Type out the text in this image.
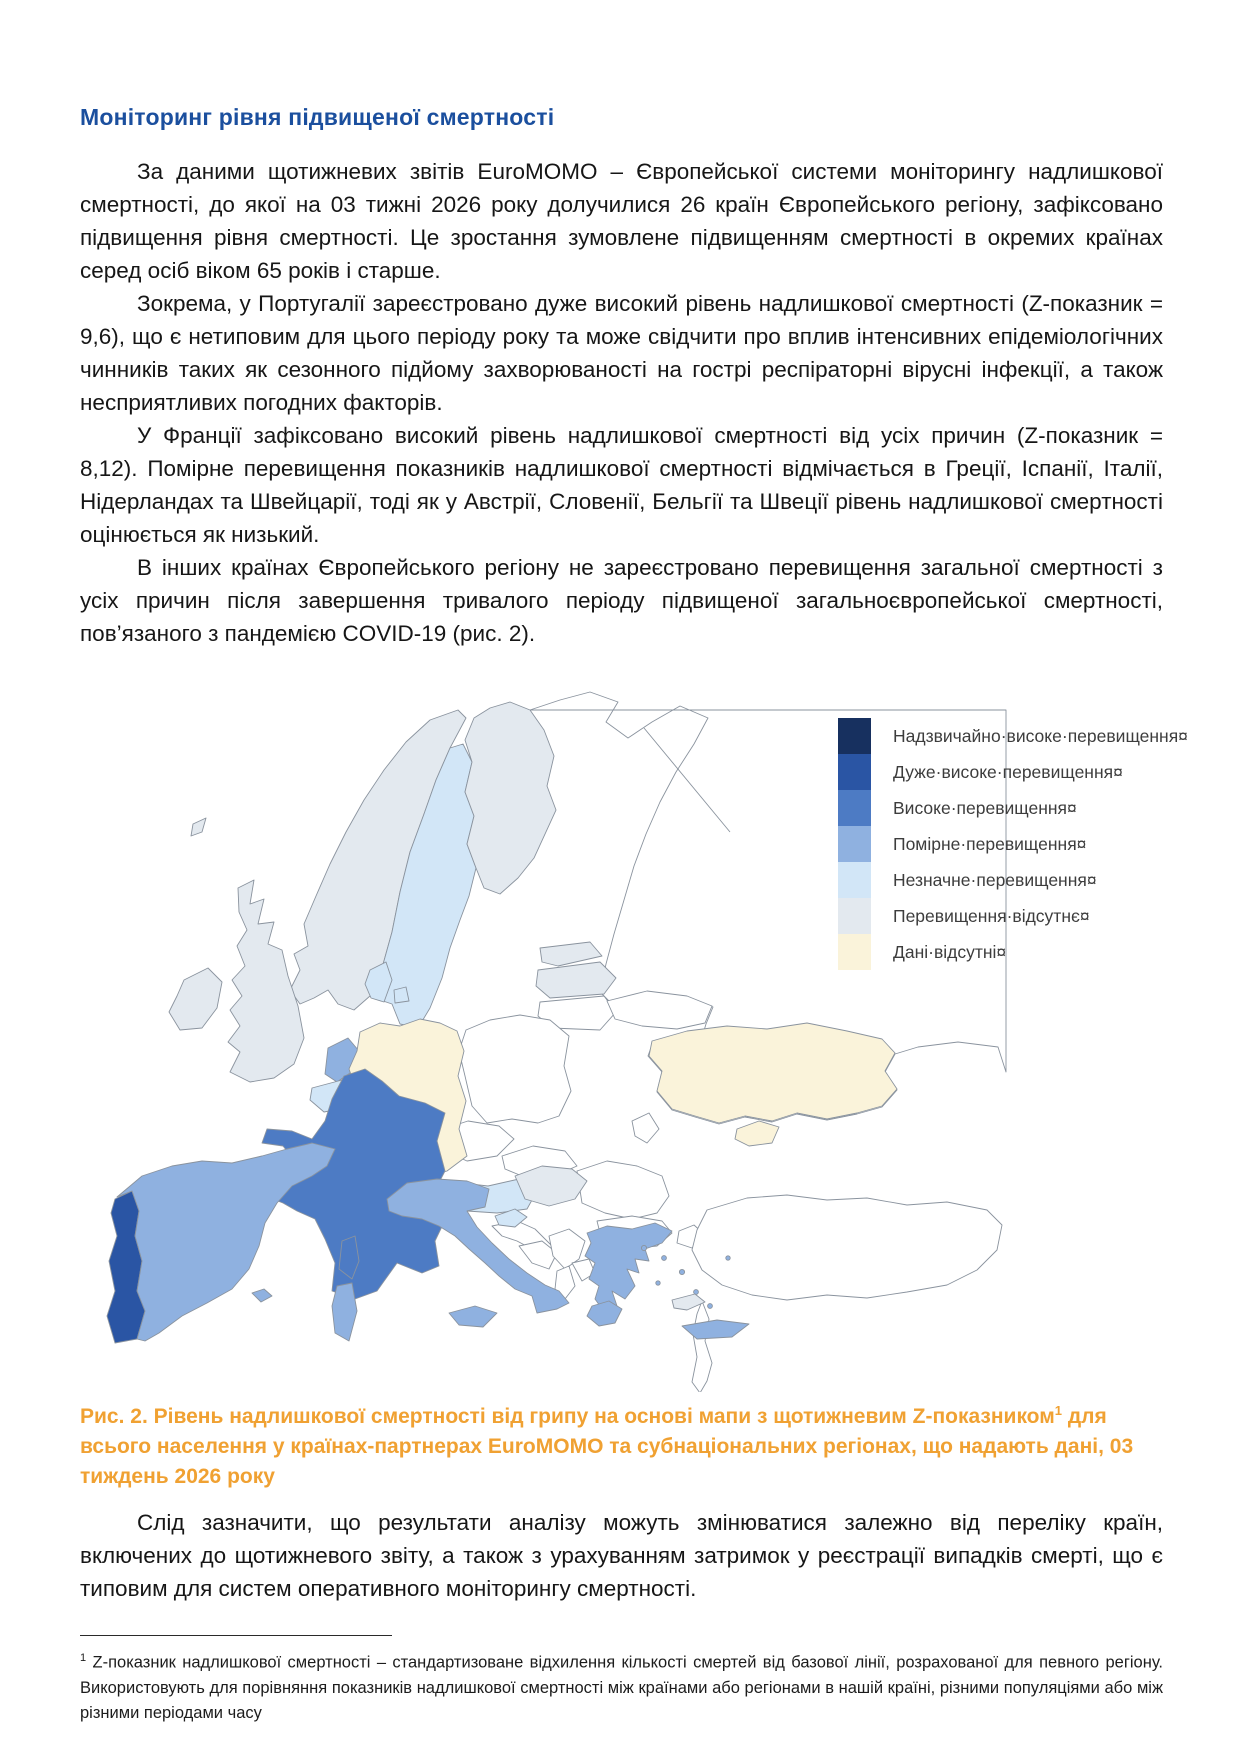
Моніторинг рівня підвищеної смертності

За даними щотижневих звітів EuroMOMO – Європейської системи моніторингу надлишкової смертності, до якої на 03 тижні 2026 року долучилися 26 країн Європейського регіону, зафіксовано підвищення рівня смертності. Це зростання зумовлене підвищенням смертності в окремих країнах серед осіб віком 65 років і старше.

Зокрема, у Португалії зареєстровано дуже високий рівень надлишкової смертності (Z-показник = 9,6), що є нетиповим для цього періоду року та може свідчити про вплив інтенсивних епідеміологічних чинників таких як сезонного підйому захворюваності на гострі респіраторні вірусні інфекції, а також несприятливих погодних факторів.

У Франції зафіксовано високий рівень надлишкової смертності від усіх причин (Z-показник = 8,12). Помірне перевищення показників надлишкової смертності відмічається в Греції, Іспанії, Італії, Нідерландах та Швейцарії, тоді як у Австрії, Словенії, Бельгії та Швеції рівень надлишкової смертності оцінюється як низький.

В інших країнах Європейського регіону не зареєстровано перевищення загальної смертності з усіх причин після завершення тривалого періоду підвищеної загальноєвропейської смертності, пов’язаного з пандемією COVID-19 (рис. 2).

Надзвичайно·високе·перевищення¤
Дуже·високе·перевищення¤
Високе·перевищення¤
Помірне·перевищення¤
Незначне·перевищення¤
Перевищення·відсутнє¤
Дані·відсутні¤

Рис. 2. Рівень надлишкової смертності від грипу на основі мапи з щотижневим Z-показником$^1$ для всього населення у країнах-партнерах EuroMOMO та субнаціональних регіонах, що надають дані, 03 тиждень 2026 року

Слід зазначити, що результати аналізу можуть змінюватися залежно від переліку країн, включених до щотижневого звіту, а також з урахуванням затримок у реєстрації випадків смерті, що є типовим для систем оперативного моніторингу смертності.

$^1$ Z-показник надлишкової смертності – стандартизоване відхилення кількості смертей від базової лінії, розрахованої для певного регіону. Використовують для порівняння показників надлишкової смертності між країнами або регіонами в нашій країні, різними популяціями або між різними періодами часу
